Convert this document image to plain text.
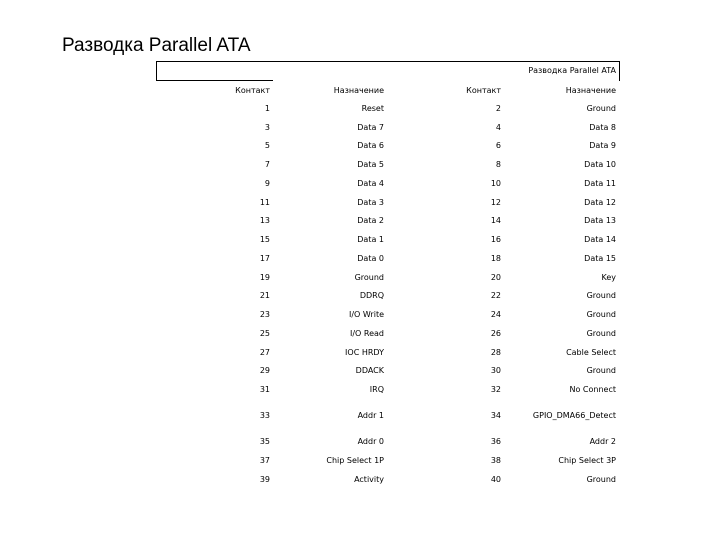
Разводка Parallel ATA
Разводка Parallel ATA
Контакт	Назначение	Контакт	Назначение
1	Reset	2	Ground
3	Data 7	4	Data 8
5	Data 6	6	Data 9
7	Data 5	8	Data 10
9	Data 4	10	Data 11
11	Data 3	12	Data 12
13	Data 2	14	Data 13
15	Data 1	16	Data 14
17	Data 0	18	Data 15
19	Ground	20	Key
21	DDRQ	22	Ground
23	I/O Write	24	Ground
25	I/O Read	26	Ground
27	IOC HRDY	28	Cable Select
29	DDACK	30	Ground
31	IRQ	32	No Connect
33	Addr 1	34	GPIO_DMA66_Detect
35	Addr 0	36	Addr 2
37	Chip Select 1P	38	Chip Select 3P
39	Activity	40	Ground
